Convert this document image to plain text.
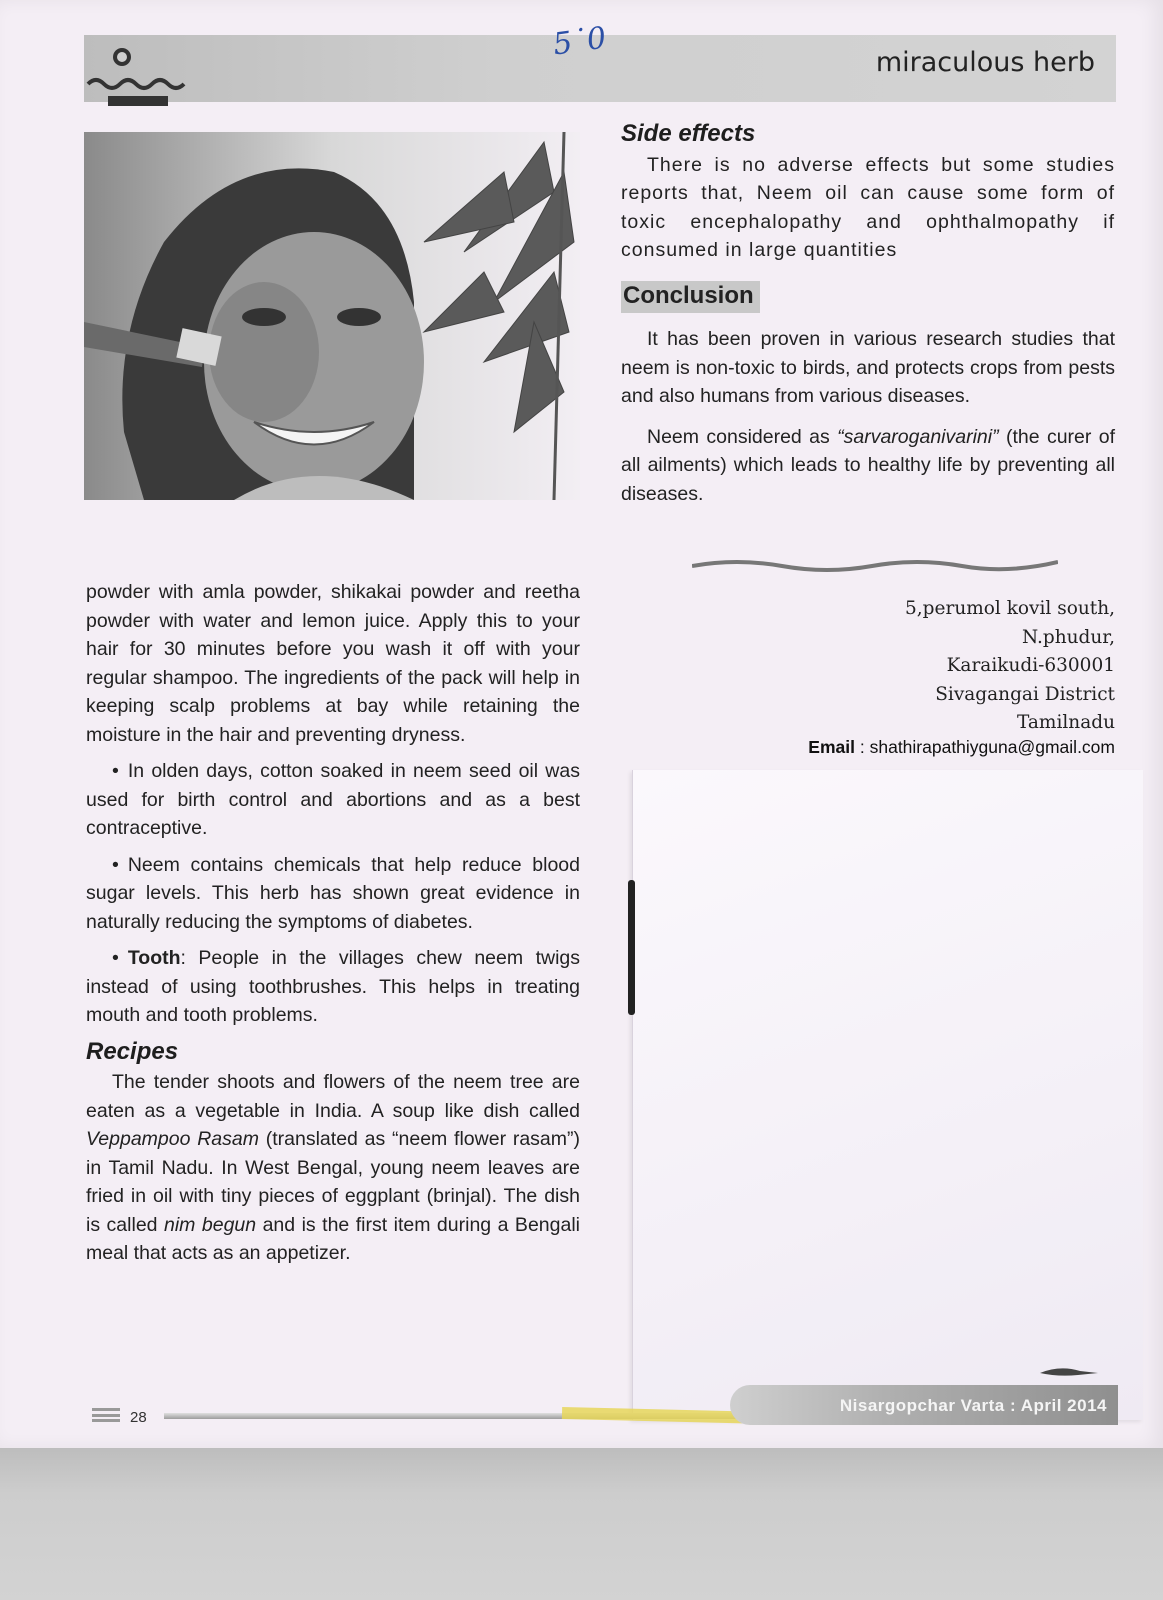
miraculous herb
5˙0

powder with amla powder, shikakai powder and reetha powder with water and lemon juice. Apply this to your hair for 30 minutes before you wash it off with your regular shampoo. The ingredients of the pack will help in keeping scalp problems at bay while retaining the moisture in the hair and preventing dryness.

• In olden days, cotton soaked in neem seed oil was used for birth control and abortions and as a best contraceptive.

• Neem contains chemicals that help reduce blood sugar levels. This herb has shown great evidence in naturally reducing the symptoms of diabetes.

• Tooth: People in the villages chew neem twigs instead of using toothbrushes. This helps in treating mouth and tooth problems.

Recipes

The tender shoots and flowers of the neem tree are eaten as a vegetable in India. A soup like dish called Veppampoo Rasam (translated as “neem flower rasam”) in Tamil Nadu. In West Bengal, young neem leaves are fried in oil with tiny pieces of eggplant (brinjal). The dish is called nim begun and is the first item during a Bengali meal that acts as an appetizer.

Side effects

There is no adverse effects but some studies reports that, Neem oil can cause some form of toxic encephalopathy and ophthalmopathy if consumed in large quantities

Conclusion

It has been proven in various research studies that neem is non-toxic to birds, and protects crops from pests and also humans from various diseases.

Neem considered as “sarvaroganivarini” (the curer of all ailments) which leads to healthy life by preventing all diseases.

5,perumol kovil south,
N.phudur,
Karaikudi-630001
Sivagangai District
Tamilnadu
Email : shathirapathiyguna@gmail.com
28
Nisargopchar Varta : April 2014
